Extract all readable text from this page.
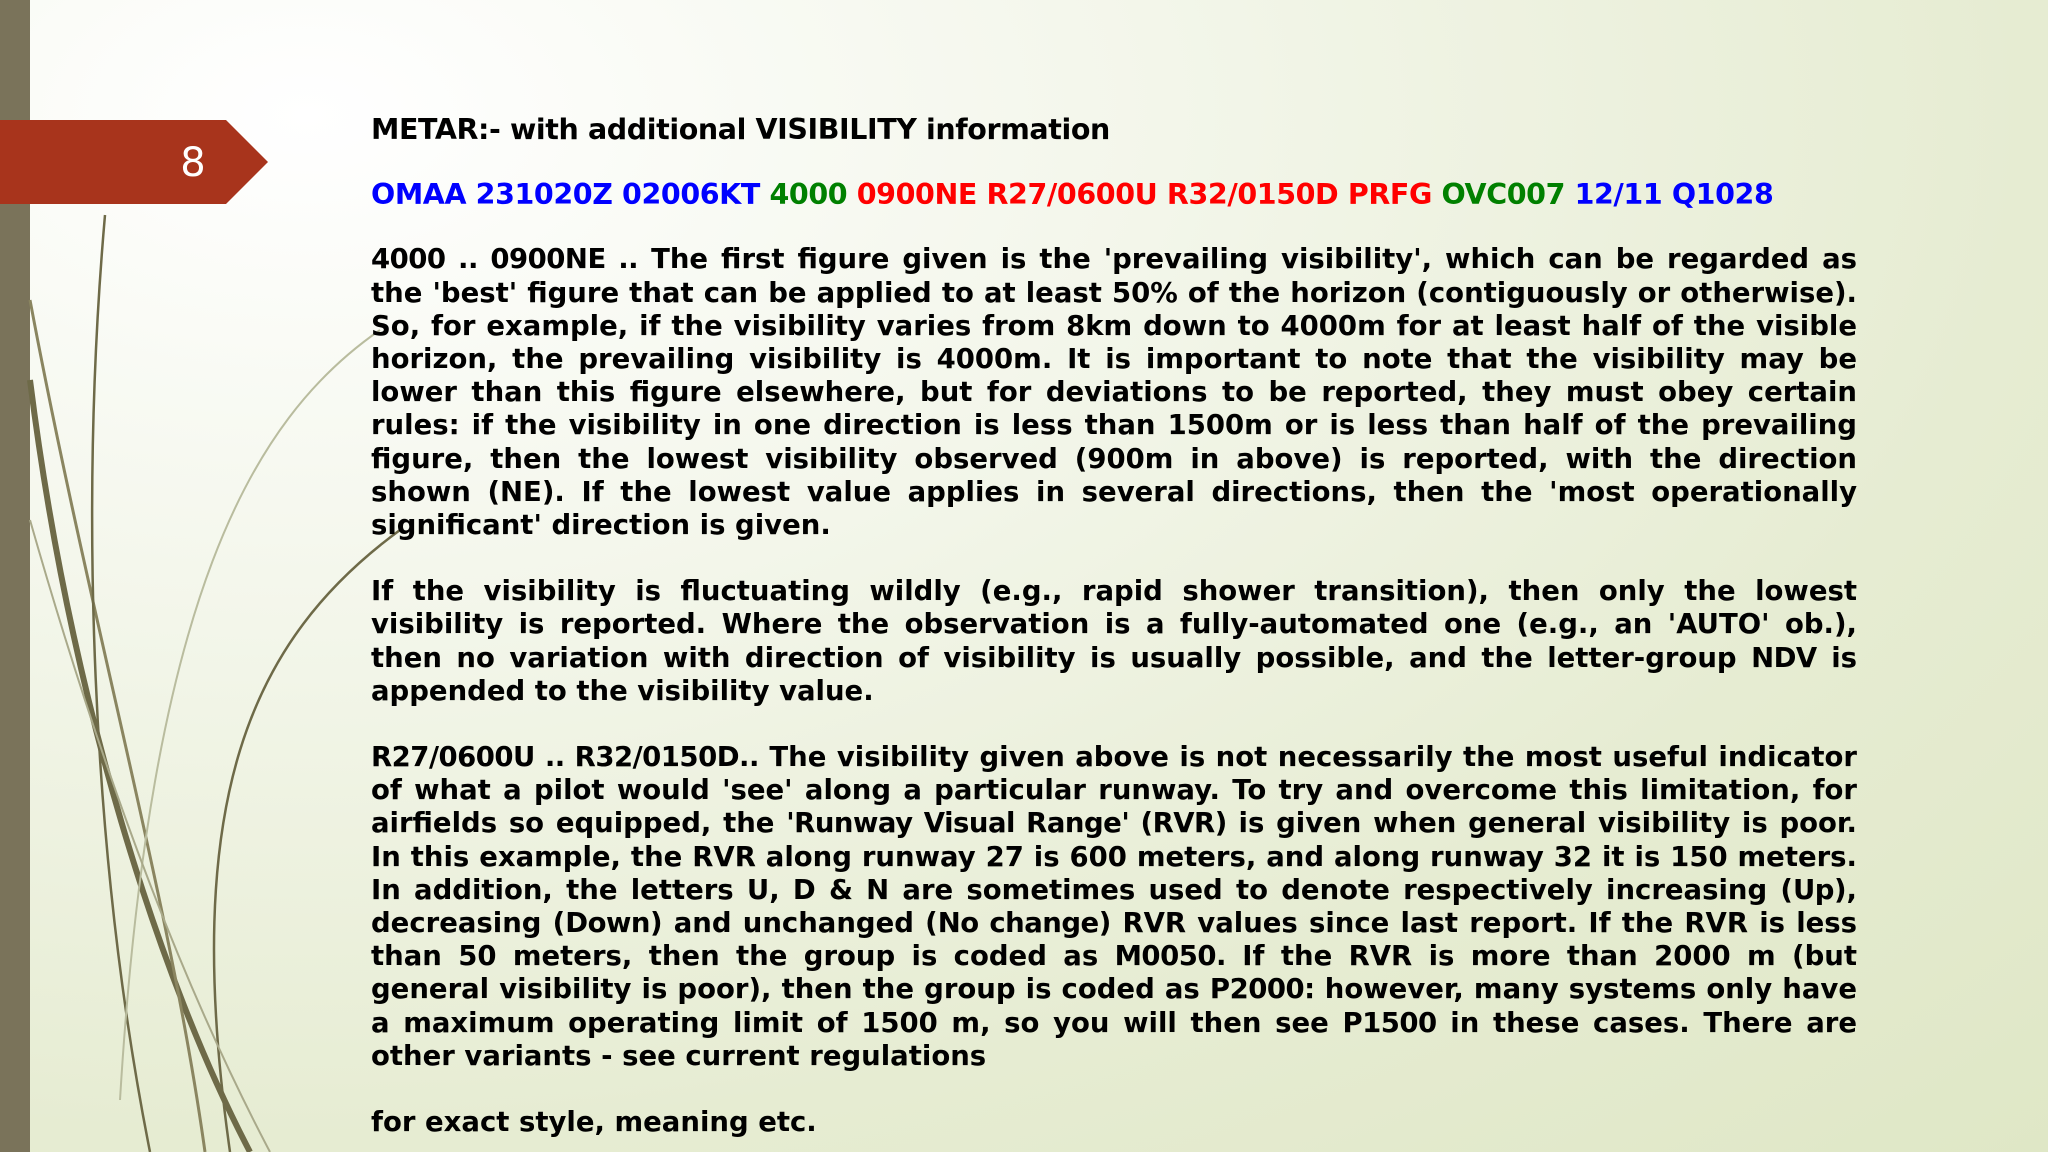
8
METAR:- with additional VISIBILITY information
OMAA 231020Z 02006KT 4000 0900NE R27/0600U R32/0150D PRFG OVC007 12/11 Q1028

4000 .. 0900NE .. The first figure given is the 'prevailing visibility', which can be regarded as the 'best' figure that can be applied to at least 50% of the horizon (contiguously or otherwise). So, for example, if the visibility varies from 8km down to 4000m for at least half of the visible horizon, the prevailing visibility is 4000m. It is important to note that the visibility may be lower than this figure elsewhere, but for deviations to be reported, they must obey certain rules: if the visibility in one direction is less than 1500m or is less than half of the prevailing figure, then the lowest visibility observed (900m in above) is reported, with the direction shown (NE). If the lowest value applies in several directions, then the 'most operationally significant' direction is given.

If the visibility is fluctuating wildly (e.g., rapid shower transition), then only the lowest visibility is reported. Where the observation is a fully-automated one (e.g., an 'AUTO' ob.), then no variation with direction of visibility is usually possible, and the letter-group NDV is appended to the visibility value.

R27/0600U .. R32/0150D.. The visibility given above is not necessarily the most useful indicator of what a pilot would 'see' along a particular runway. To try and overcome this limitation, for airfields so equipped, the 'Runway Visual Range' (RVR) is given when general visibility is poor. In this example, the RVR along runway 27 is 600 meters, and along runway 32 it is 150 meters. In addition, the letters U, D & N are sometimes used to denote respectively increasing (Up), decreasing (Down) and unchanged (No change) RVR values since last report. If the RVR is less than 50 meters, then the group is coded as M0050. If the RVR is more than 2000 m (but general visibility is poor), then the group is coded as P2000: however, many systems only have a maximum operating limit of 1500 m, so you will then see P1500 in these cases. There are other variants - see current regulations

for exact style, meaning etc.
